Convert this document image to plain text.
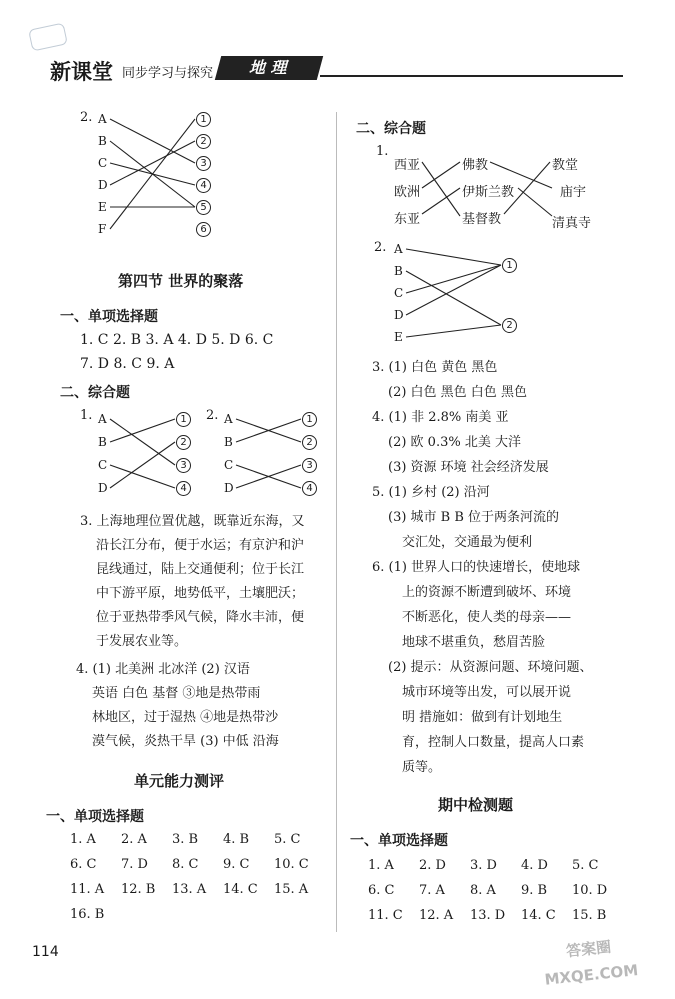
新课堂 同步学习与探究	地 理
2. A
B
C
D
E
F
1
2
3
4
5
6
第四节 世界的聚落
一、单项选择题
1. C 2. B 3. A 4. D 5. D 6. C
7. D 8. C 9. A
二、综合题
1. A
B
C
D
1
2
3
4
2. A
B
C
D
1
2
3
4
3. 上海地理位置优越，既靠近东海，又
沿长江分布，便于水运；有京沪和沪
昆线通过，陆上交通便利；位于长江
中下游平原，地势低平，土壤肥沃；
位于亚热带季风气候，降水丰沛，便
于发展农业等。
4. (1) 北美洲 北冰洋 (2) 汉语
英语 白色 基督 ③地是热带雨
林地区，过于湿热 ④地是热带沙
漠气候，炎热干旱 (3) 中低 沿海
单元能力测评
一、单项选择题
1. A 2. A 3. B 4. B 5. C
6. C 7. D 8. C 9. C 10. C
11. A 12. B 13. A 14. C 15. A
16. B
二、综合题
1.
西亚
欧洲
东亚
佛教
伊斯兰教
基督教
教堂
庙宇
清真寺
2. A
B
C
D
E
1
2
3. (1) 白色 黄色 黑色
(2) 白色 黑色 白色 黑色
4. (1) 非 2.8% 南美 亚
(2) 欧 0.3% 北美 大洋
(3) 资源 环境 社会经济发展
5. (1) 乡村 (2) 沿河
(3) 城市 B B 位于两条河流的
交汇处，交通最为便利
6. (1) 世界人口的快速增长，使地球
上的资源不断遭到破坏、环境
不断恶化，使人类的母亲——
地球不堪重负，愁眉苦脸
(2) 提示：从资源问题、环境问题、
城市环境等出发，可以展开说
明 措施如：做到有计划地生
育，控制人口数量，提高人口素
质等。
期中检测题
一、单项选择题
1. A 2. D 3. D 4. D 5. C
6. C 7. A 8. A 9. B 10. D
11. C 12. A 13. D 14. C 15. B
114	答案圈 MXQE.COM
